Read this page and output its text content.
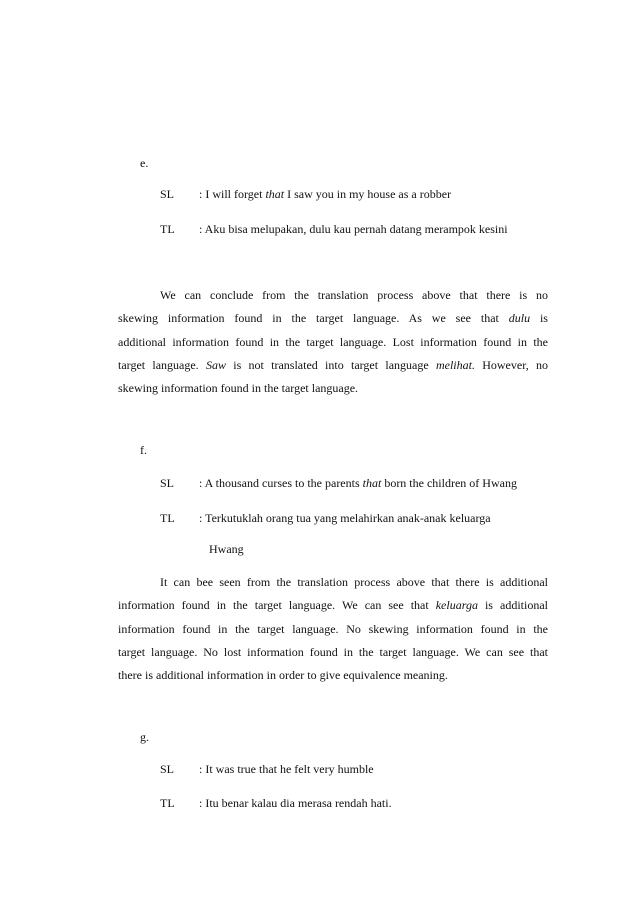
e.
SL : I will forget that I saw you in my house as a robber
TL : Aku bisa melupakan, dulu kau pernah datang merampok kesini
We can conclude from the translation process above that there is no
skewing information found in the target language. As we see that dulu is
additional information found in the target language. Lost information found in the
target language. Saw is not translated into target language melihat. However, no
skewing information found in the target language.
f.
SL : A thousand curses to the parents that born the children of Hwang
TL : Terkutuklah orang tua yang melahirkan anak-anak keluarga
Hwang
It can bee seen from the translation process above that there is additional
information found in the target language. We can see that keluarga is additional
information found in the target language. No skewing information found in the
target language. No lost information found in the target language. We can see that
there is additional information in order to give equivalence meaning.
g.
SL : It was true that he felt very humble
TL : Itu benar kalau dia merasa rendah hati.
